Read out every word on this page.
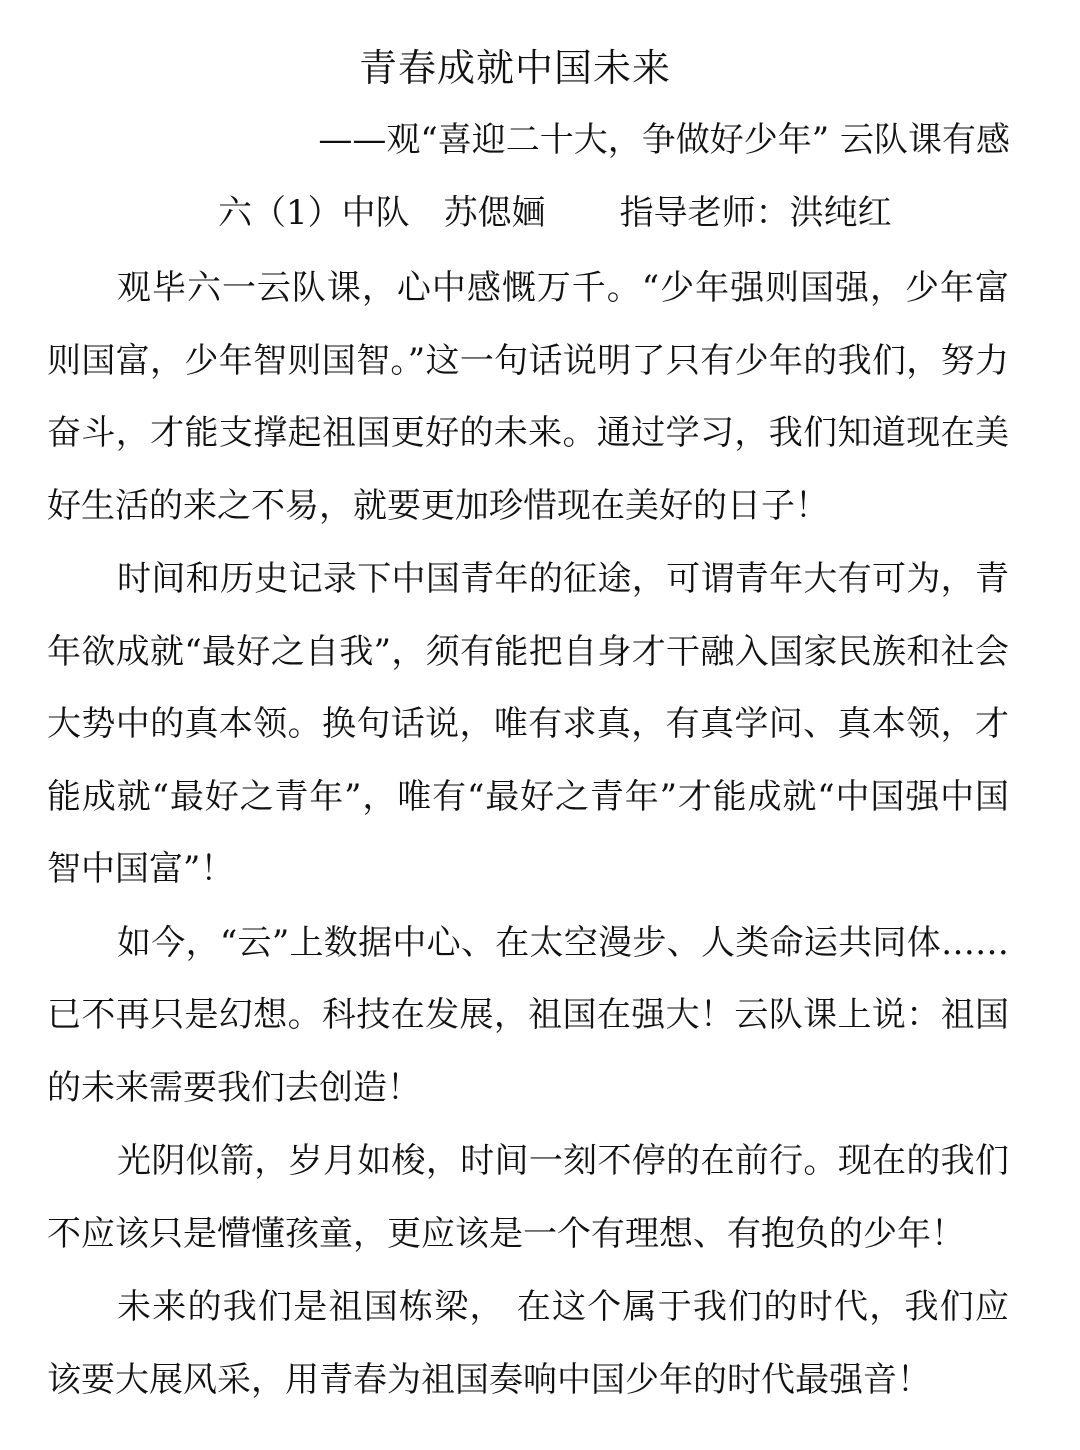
青春成就中国未来
——观“喜迎二十大，争做好少年” 云队课有感
六（1）中队 苏偲婳 指导老师：洪纯红

观毕六一云队课，心中感慨万千。“少年强则国强，少年富则国富，少年智则国智。”这一句话说明了只有少年的我们，努力奋斗，才能支撑起祖国更好的未来。通过学习，我们知道现在美好生活的来之不易，就要更加珍惜现在美好的日子！

时间和历史记录下中国青年的征途，可谓青年大有可为，青年欲成就“最好之自我”，须有能把自身才干融入国家民族和社会大势中的真本领。换句话说，唯有求真，有真学问、真本领，才能成就“最好之青年”，唯有“最好之青年”才能成就“中国强中国智中国富”！

如今，“云”上数据中心、在太空漫步、人类命运共同体……已不再只是幻想。科技在发展，祖国在强大！云队课上说：祖国的未来需要我们去创造！

光阴似箭，岁月如梭，时间一刻不停的在前行。现在的我们不应该只是懵懂孩童，更应该是一个有理想、有抱负的少年！

未来的我们是祖国栋梁， 在这个属于我们的时代，我们应该要大展风采，用青春为祖国奏响中国少年的时代最强音！
